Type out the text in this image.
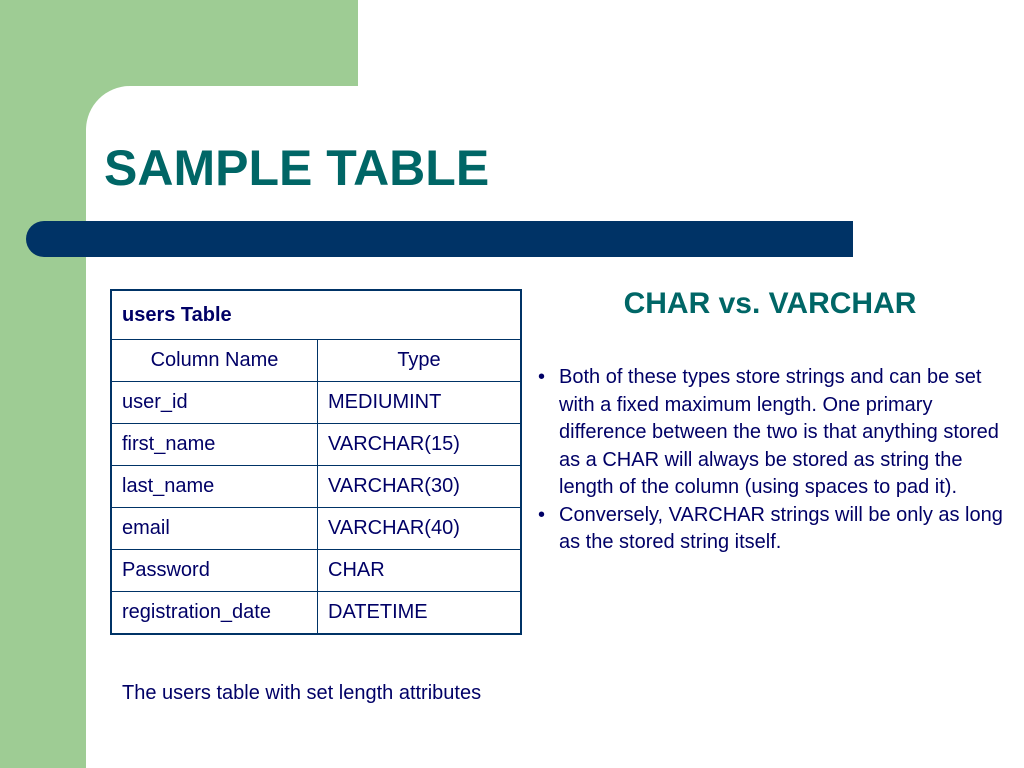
SAMPLE TABLE
users Table	
Column Name	Type
user_id	MEDIUMINT
first_name	VARCHAR(15)
last_name	VARCHAR(30)
email	VARCHAR(40)
Password	CHAR
registration_date	DATETIME
The users table with set length attributes
CHAR vs. VARCHAR
• Both of these types store strings and can be set with a fixed maximum length. One primary difference between the two is that anything stored as a CHAR will always be stored as string the length of the column (using spaces to pad it).
• Conversely, VARCHAR strings will be only as long as the stored string itself.
